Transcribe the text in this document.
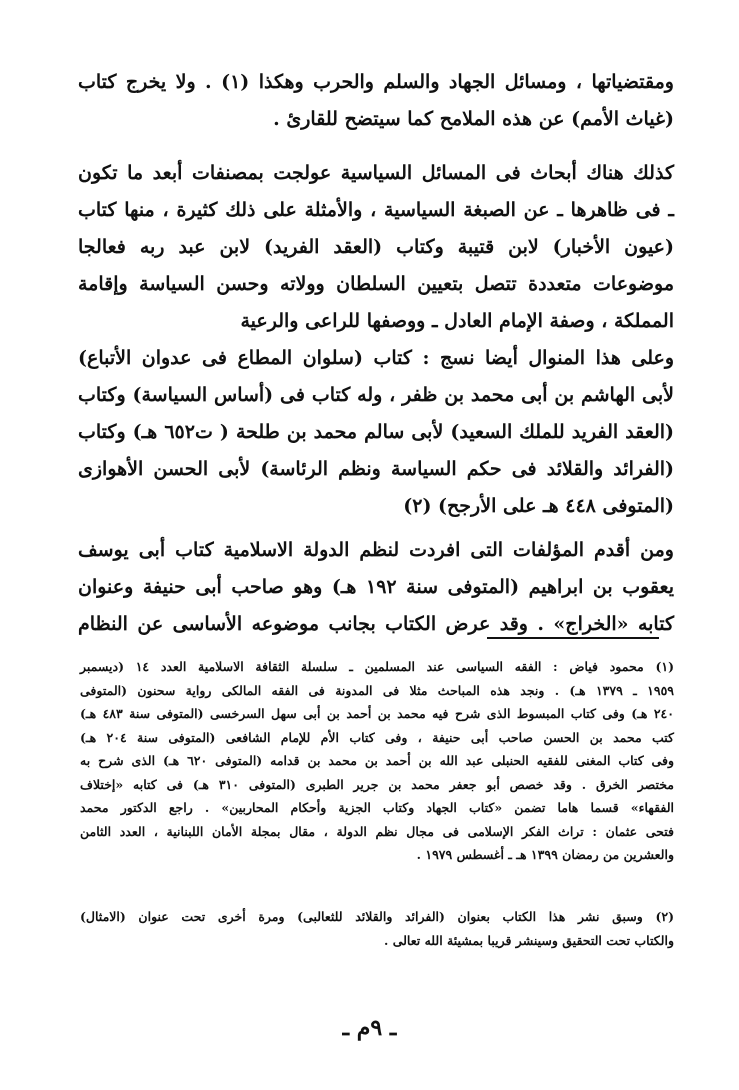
ومقتضياتها ، ومسائل الجهاد والسلم والحرب وهكذا (١) . ولا يخرج كتاب
(غياث الأمم) عن هذه الملامح كما سيتضح للقارئ .
كذلك هناك أبحاث فى المسائل السياسية عولجت بمصنفات أبعد ما تكون
ـ فى ظاهرها ـ عن الصبغة السياسية ، والأمثلة على ذلك كثيرة ، منها كتاب
(عيون الأخبار) لابن قتيبة وكتاب (العقد الفريد) لابن عبد ربه فعالجا
موضوعات متعددة تتصل بتعيين السلطان وولاته وحسن السياسة وإقامة
المملكة ، وصفة الإمام العادل ـ ووصفها للراعى والرعية
وعلى هذا المنوال أيضا نسج : كتاب (سلوان المطاع فى عدوان الأتباع)
لأبى الهاشم بن أبى محمد بن ظفر ، وله كتاب فى (أساس السياسة) وكتاب
(العقد الفريد للملك السعيد) لأبى سالم محمد بن طلحة ( ت٦٥٢ هـ) وكتاب
(الفرائد والقلائد فى حكم السياسة ونظم الرئاسة) لأبى الحسن الأهوازى
(المتوفى ٤٤٨ هـ على الأرجح) (٢)
ومن أقدم المؤلفات التى افردت لنظم الدولة الاسلامية كتاب أبى يوسف
يعقوب بن ابراهيم (المتوفى سنة ١٩٢ هـ) وهو صاحب أبى حنيفة وعنوان
كتابه «الخراج» . وقد عرض الكتاب بجانب موضوعه الأساسى عن النظام
(١) محمود فياض : الفقه السياسى عند المسلمين ـ سلسلة الثقافة الاسلامية العدد ١٤ (ديسمبر
١٩٥٩ ـ ١٣٧٩ هـ) . ونجد هذه المباحث مثلا فى المدونة فى الفقه المالكى رواية سحنون (المتوفى
٢٤٠ هـ) وفى كتاب المبسوط الذى شرح فيه محمد بن أحمد بن أبى سهل السرخسى (المتوفى سنة ٤٨٣ هـ)
كتب محمد بن الحسن صاحب أبى حنيفة ، وفى كتاب الأم للإمام الشافعى (المتوفى سنة ٢٠٤ هـ)
وفى كتاب المغنى للفقيه الحنبلى عبد الله بن أحمد بن محمد بن قدامه (المتوفى ٦٢٠ هـ) الذى شرح به
مختصر الخرق . وقد خصص أبو جعفر محمد بن جرير الطبرى (المتوفى ٣١٠ هـ) فى كتابه «إختلاف
الفقهاء» قسما هاما تضمن «كتاب الجهاد وكتاب الجزية وأحكام المحاربين» . راجع الدكتور محمد
فتحى عثمان : تراث الفكر الإسلامى فى مجال نظم الدولة ، مقال بمجلة الأمان اللبنانية ، العدد الثامن
والعشرين من رمضان ١٣٩٩ هـ ـ أغسطس ١٩٧٩ .
(٢) وسبق نشر هذا الكتاب بعنوان (الفرائد والقلائد للثعالبى) ومرة أخرى تحت عنوان (الامثال)
والكتاب تحت التحقيق وسينشر قريبا بمشيئة الله تعالى .
ـ ٩م ـ
